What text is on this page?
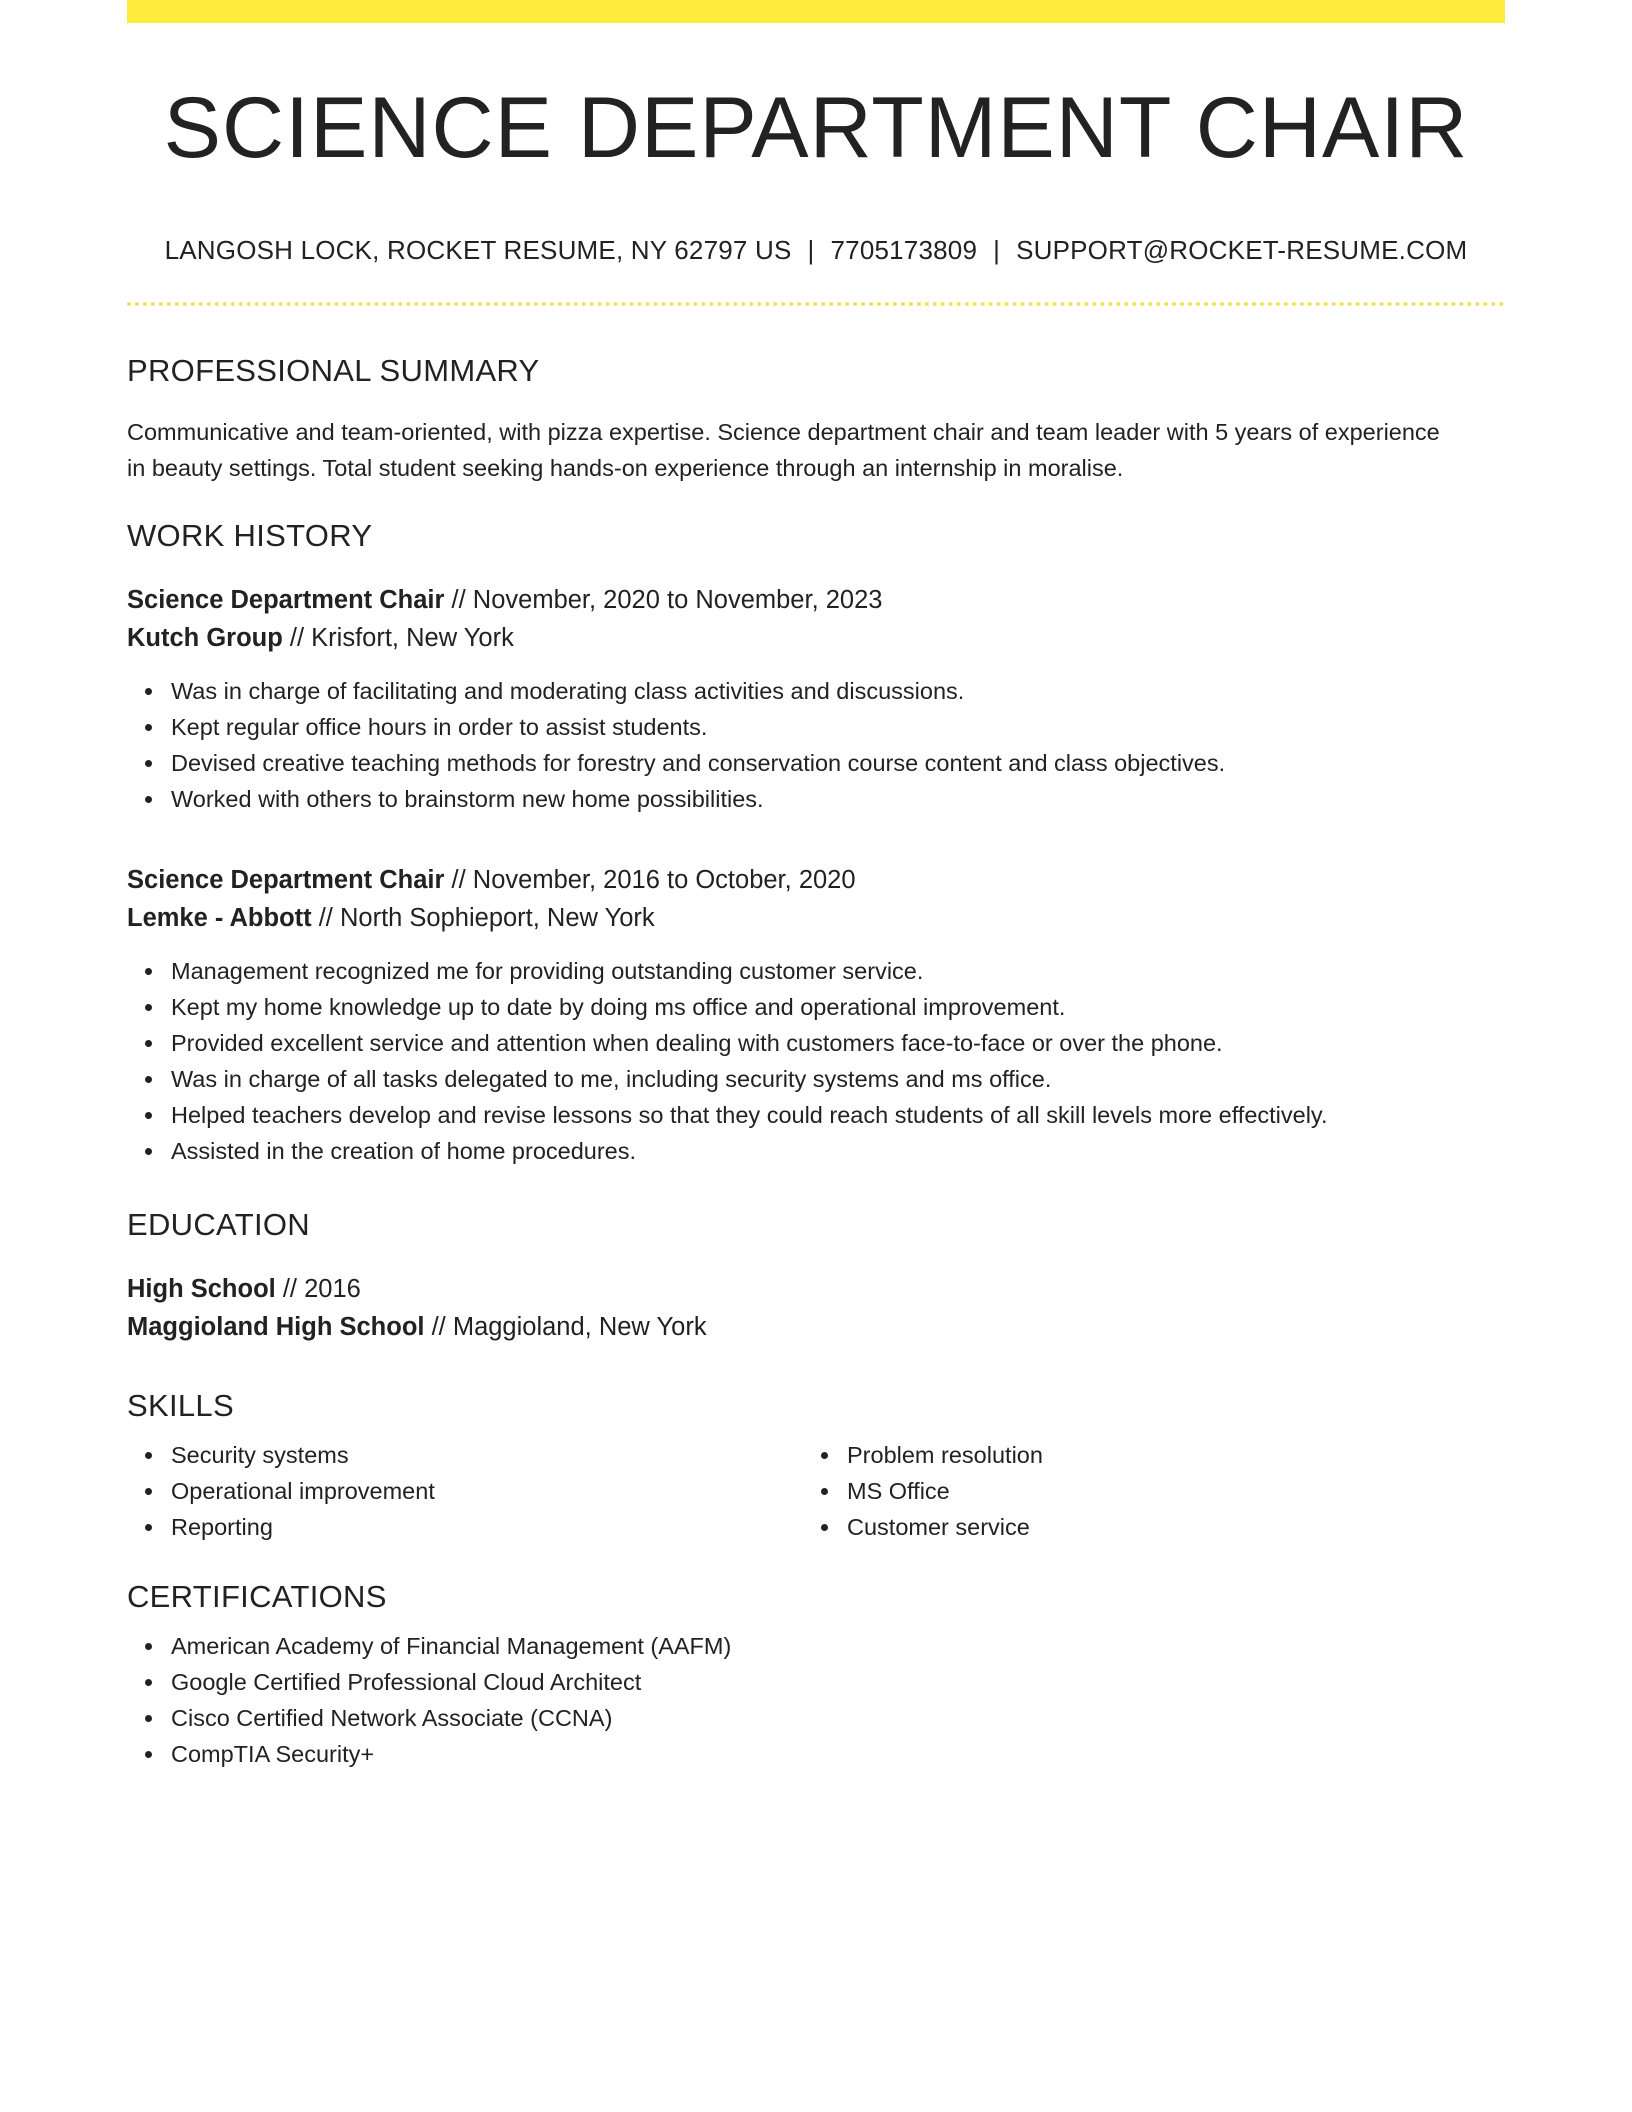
SCIENCE DEPARTMENT CHAIR
LANGOSH LOCK, ROCKET RESUME, NY 62797 US | 7705173809 | SUPPORT@ROCKET-RESUME.COM
PROFESSIONAL SUMMARY

Communicative and team-oriented, with pizza expertise. Science department chair and team leader with 5 years of experience in beauty settings. Total student seeking hands-on experience through an internship in moralise.

WORK HISTORY
Science Department Chair // November, 2020 to November, 2023
Kutch Group // Krisfort, New York
Was in charge of facilitating and moderating class activities and discussions.
Kept regular office hours in order to assist students.
Devised creative teaching methods for forestry and conservation course content and class objectives.
Worked with others to brainstorm new home possibilities.
Science Department Chair // November, 2016 to October, 2020
Lemke - Abbott // North Sophieport, New York
Management recognized me for providing outstanding customer service.
Kept my home knowledge up to date by doing ms office and operational improvement.
Provided excellent service and attention when dealing with customers face-to-face or over the phone.
Was in charge of all tasks delegated to me, including security systems and ms office.
Helped teachers develop and revise lessons so that they could reach students of all skill levels more effectively.
Assisted in the creation of home procedures.
EDUCATION
High School // 2016
Maggioland High School // Maggioland, New York
SKILLS
Security systems
Operational improvement
Reporting
Problem resolution
MS Office
Customer service
CERTIFICATIONS
American Academy of Financial Management (AAFM)
Google Certified Professional Cloud Architect
Cisco Certified Network Associate (CCNA)
CompTIA Security+
